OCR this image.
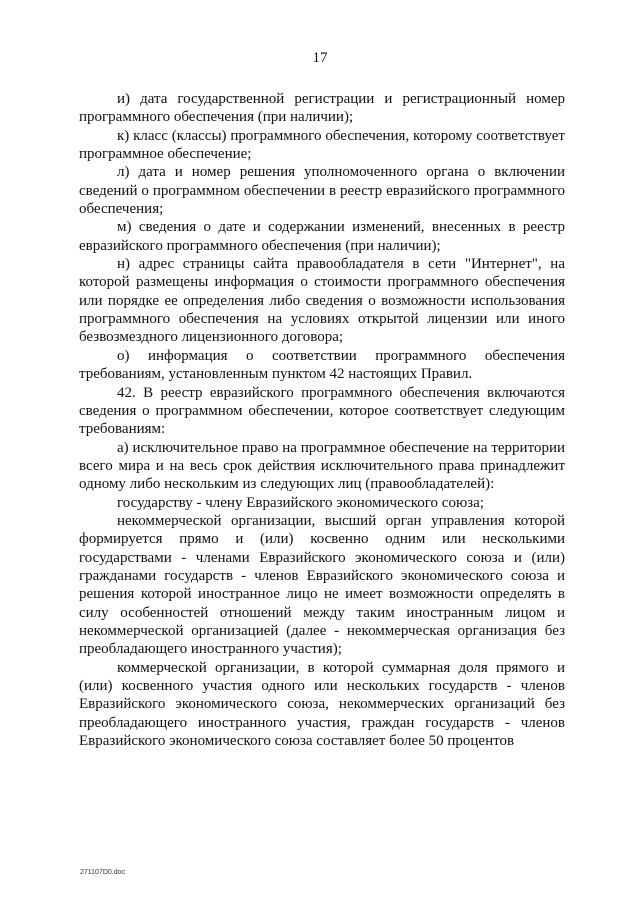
17

и) дата государственной регистрации и регистрационный номер программного обеспечения (при наличии);

к) класс (классы) программного обеспечения, которому соответствует программное обеспечение;

л) дата и номер решения уполномоченного органа о включении сведений о программном обеспечении в реестр евразийского программного обеспечения;

м) сведения о дате и содержании изменений, внесенных в реестр евразийского программного обеспечения (при наличии);

н) адрес страницы сайта правообладателя в сети "Интернет", на которой размещены информация о стоимости программного обеспечения или порядке ее определения либо сведения о возможности использования программного обеспечения на условиях открытой лицензии или иного безвозмездного лицензионного договора;

о) информация о соответствии программного обеспечения требованиям, установленным пунктом 42 настоящих Правил.

42. В реестр евразийского программного обеспечения включаются сведения о программном обеспечении, которое соответствует следующим требованиям:

а) исключительное право на программное обеспечение на территории всего мира и на весь срок действия исключительного права принадлежит одному либо нескольким из следующих лиц (правообладателей):

государству - члену Евразийского экономического союза;

некоммерческой организации, высший орган управления которой формируется прямо и (или) косвенно одним или несколькими государствами - членами Евразийского экономического союза и (или) гражданами государств - членов Евразийского экономического союза и решения которой иностранное лицо не имеет возможности определять в силу особенностей отношений между таким иностранным лицом и некоммерческой организацией (далее - некоммерческая организация без преобладающего иностранного участия);

коммерческой организации, в которой суммарная доля прямого и (или) косвенного участия одного или нескольких государств - членов Евразийского экономического союза, некоммерческих организаций без преобладающего иностранного участия, граждан государств - членов Евразийского экономического союза составляет более 50 процентов

271107D0.doc
